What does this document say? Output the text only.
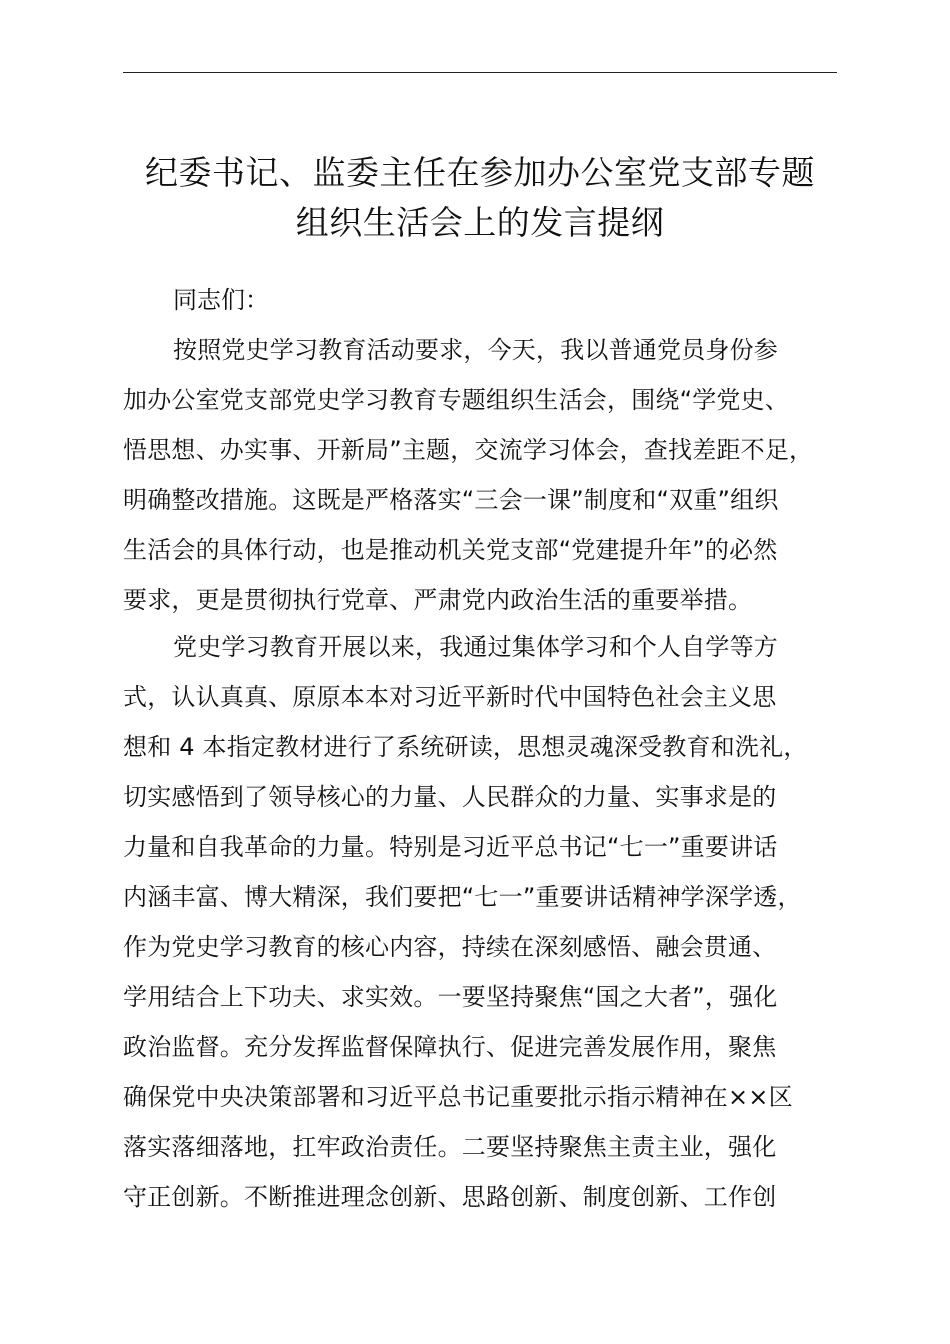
纪委书记、监委主任在参加办公室党支部专题
组织生活会上的发言提纲

同志们：

按照党史学习教育活动要求，今天，我以普通党员身份参
加办公室党支部党史学习教育专题组织生活会，围绕“学党史、
悟思想、办实事、开新局”主题，交流学习体会，查找差距不足，
明确整改措施。这既是严格落实“三会一课”制度和“双重”组织
生活会的具体行动，也是推动机关党支部“党建提升年”的必然
要求，更是贯彻执行党章、严肃党内政治生活的重要举措。

党史学习教育开展以来，我通过集体学习和个人自学等方
式，认认真真、原原本本对习近平新时代中国特色社会主义思
想和 4 本指定教材进行了系统研读，思想灵魂深受教育和洗礼，
切实感悟到了领导核心的力量、人民群众的力量、实事求是的
力量和自我革命的力量。特别是习近平总书记“七一”重要讲话
内涵丰富、博大精深，我们要把“七一”重要讲话精神学深学透，
作为党史学习教育的核心内容，持续在深刻感悟、融会贯通、
学用结合上下功夫、求实效。一要坚持聚焦“国之大者”，强化
政治监督。充分发挥监督保障执行、促进完善发展作用，聚焦
确保党中央决策部署和习近平总书记重要批示指示精神在××区
落实落细落地，扛牢政治责任。二要坚持聚焦主责主业，强化
守正创新。不断推进理念创新、思路创新、制度创新、工作创
